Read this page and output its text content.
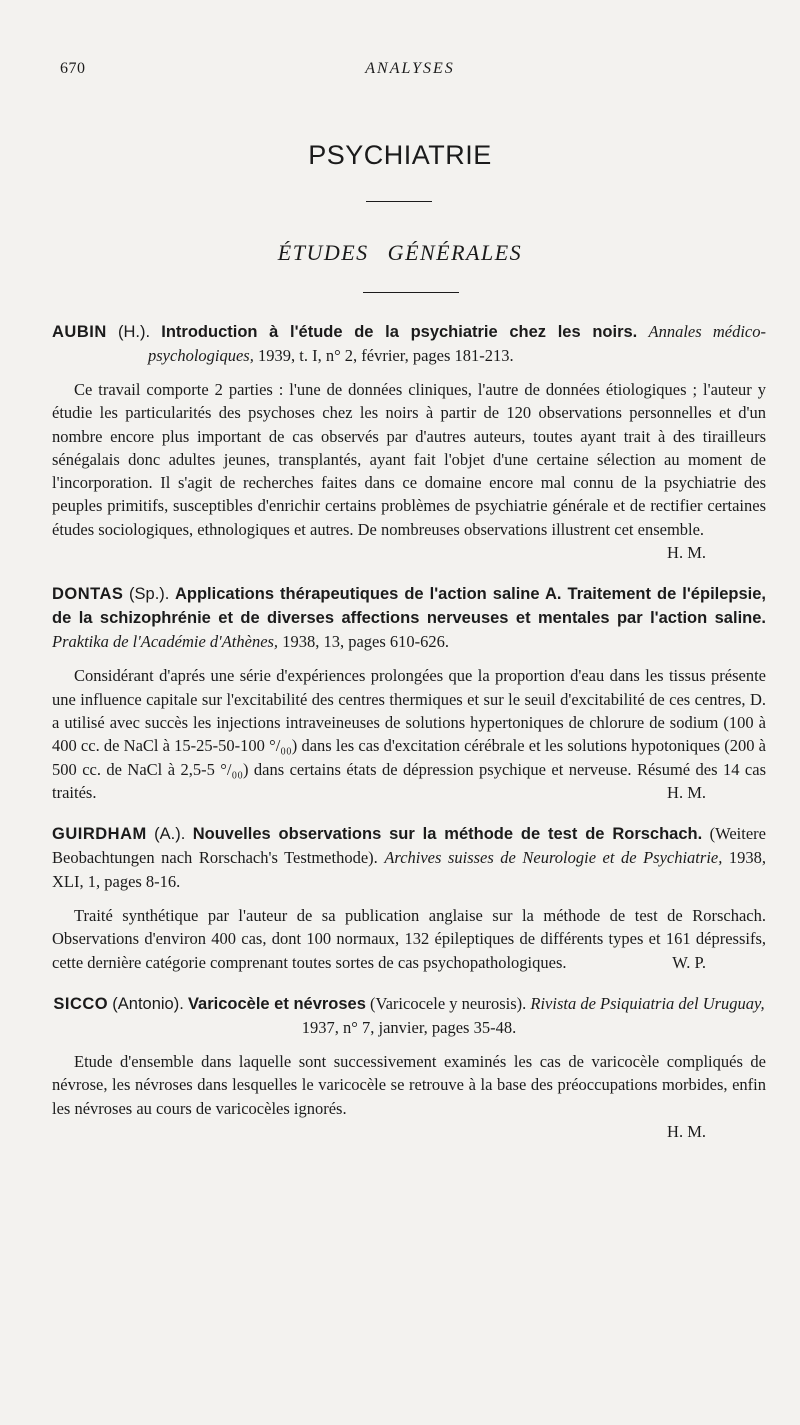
670	ANALYSES
PSYCHIATRIE
ÉTUDES GÉNÉRALES
AUBIN (H.). Introduction à l'étude de la psychiatrie chez les noirs. Annales médico-psychologiques, 1939, t. I, n° 2, février, pages 181-213.

Ce travail comporte 2 parties : l'une de données cliniques, l'autre de données étiologiques ; l'auteur y étudie les particularités des psychoses chez les noirs à partir de 120 observations personnelles et d'un nombre encore plus important de cas observés par d'autres auteurs, toutes ayant trait à des tirailleurs sénégalais donc adultes jeunes, transplantés, ayant fait l'objet d'une certaine sélection au moment de l'incorporation. Il s'agit de recherches faites dans ce domaine encore mal connu de la psychiatrie des peuples primitifs, susceptibles d'enrichir certains problèmes de psychiatrie générale et de rectifier certaines études sociologiques, ethnologiques et autres. De nombreuses observations illustrent cet ensemble.
H. M.

DONTAS (Sp.). Applications thérapeutiques de l'action saline A. Traitement de l'épilepsie, de la schizophrénie et de diverses affections nerveuses et mentales par l'action saline. Praktika de l'Académie d'Athènes, 1938, 13, pages 610-626.

Considérant d'aprés une série d'expériences prolongées que la proportion d'eau dans les tissus présente une influence capitale sur l'excitabilité des centres thermiques et sur le seuil d'excitabilité de ces centres, D. a utilisé avec succès les injections intraveineuses de solutions hypertoniques de chlorure de sodium (100 à 400 cc. de NaCl à 15-25-50-100 °/₀₀) dans les cas d'excitation cérébrale et les solutions hypotoniques (200 à 500 cc. de NaCl à 2,5-5 °/₀₀) dans certains états de dépression psychique et nerveuse. Résumé des 14 cas traités.	H. M.

GUIRDHAM (A.). Nouvelles observations sur la méthode de test de Rorschach. (Weitere Beobachtungen nach Rorschach's Testmethode). Archives suisses de Neurologie et de Psychiatrie, 1938, XLI, 1, pages 8-16.

Traité synthétique par l'auteur de sa publication anglaise sur la méthode de test de Rorschach. Observations d'environ 400 cas, dont 100 normaux, 132 épileptiques de différents types et 161 dépressifs, cette dernière catégorie comprenant toutes sortes de cas psychopathologiques.	W. P.

SICCO (Antonio). Varicocèle et névroses (Varicocele y neurosis). Rivista de Psiquiatria del Uruguay, 1937, n° 7, janvier, pages 35-48.

Etude d'ensemble dans laquelle sont successivement examinés les cas de varicocèle compliqués de névrose, les névroses dans lesquelles le varicocèle se retrouve à la base des préoccupations morbides, enfin les névroses au cours de varicocèles ignorés.

H. M.
